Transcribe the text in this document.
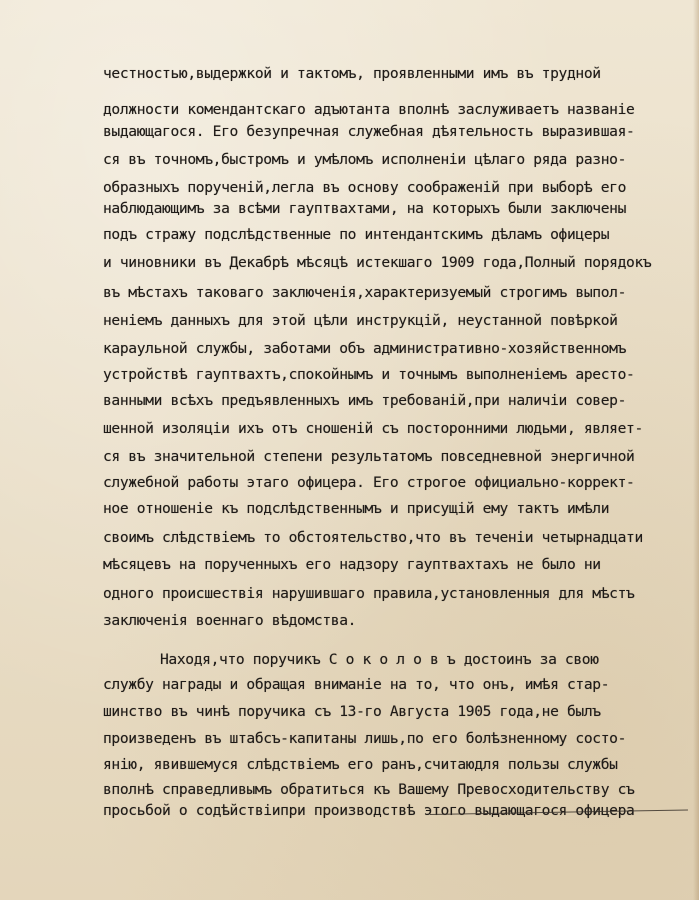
честностью,выдержкой и тактомъ, проявленными имъ въ трудной
должности комендантскаго адъютанта вполнѣ заслуживаетъ названіе
выдающагося. Его безупречная служебная дѣятельность выразившая-
ся въ точномъ,быстромъ и умѣломъ исполненіи цѣлаго ряда разно-
образныхъ порученій,легла въ основу соображеній при выборѣ его
наблюдающимъ за всѣми гауптвахтами, на которыхъ были заключены
подъ стражу подслѣдственные по интендантскимъ дѣламъ офицеры
и чиновники въ Декабрѣ мѣсяцѣ истекшаго 1909 года,Полный порядокъ
въ мѣстахъ таковаго заключенія,характеризуемый строгимъ выпол-
неніемъ данныхъ для этой цѣли инструкцій, неустанной повѣркой
караульной службы, заботами объ административно-хозяйственномъ
устройствѣ гауптвахтъ,спокойнымъ и точнымъ выполненіемъ аресто-
ванными всѣхъ предъявленныхъ имъ требованій,при наличіи совер-
шенной изоляціи ихъ отъ сношеній съ посторонними людьми, являет-
ся въ значительной степени результатомъ повседневной энергичной
служебной работы этаго офицера. Его строгое официально-коррект-
ное отношеніе къ подслѣдственнымъ и присущій ему тактъ имѣли
своимъ слѣдствіемъ то обстоятельство,что въ теченіи четырнадцати
мѣсяцевъ на порученныхъ его надзору гауптвахтахъ не было ни
одного происшествія нарушившаго правила,установленныя для мѣстъ
заключенія военнаго вѣдомства.
Находя,что поручикъ С о к о л о в ъ достоинъ за свою
службу награды и обращая вниманіе на то, что онъ, имѣя стар-
шинство въ чинѣ поручика съ 13-го Августа 1905 года,не былъ
произведенъ въ штабсъ-капитаны лишь,по его болѣзненному состо-
янію, явившемуся слѣдствіемъ его ранъ,считаюдля пользы службы
вполнѣ справедливымъ обратиться къ Вашему Превосходительству съ
просьбой о содѣйствіипри производствѣ этого выдающагося офицера
